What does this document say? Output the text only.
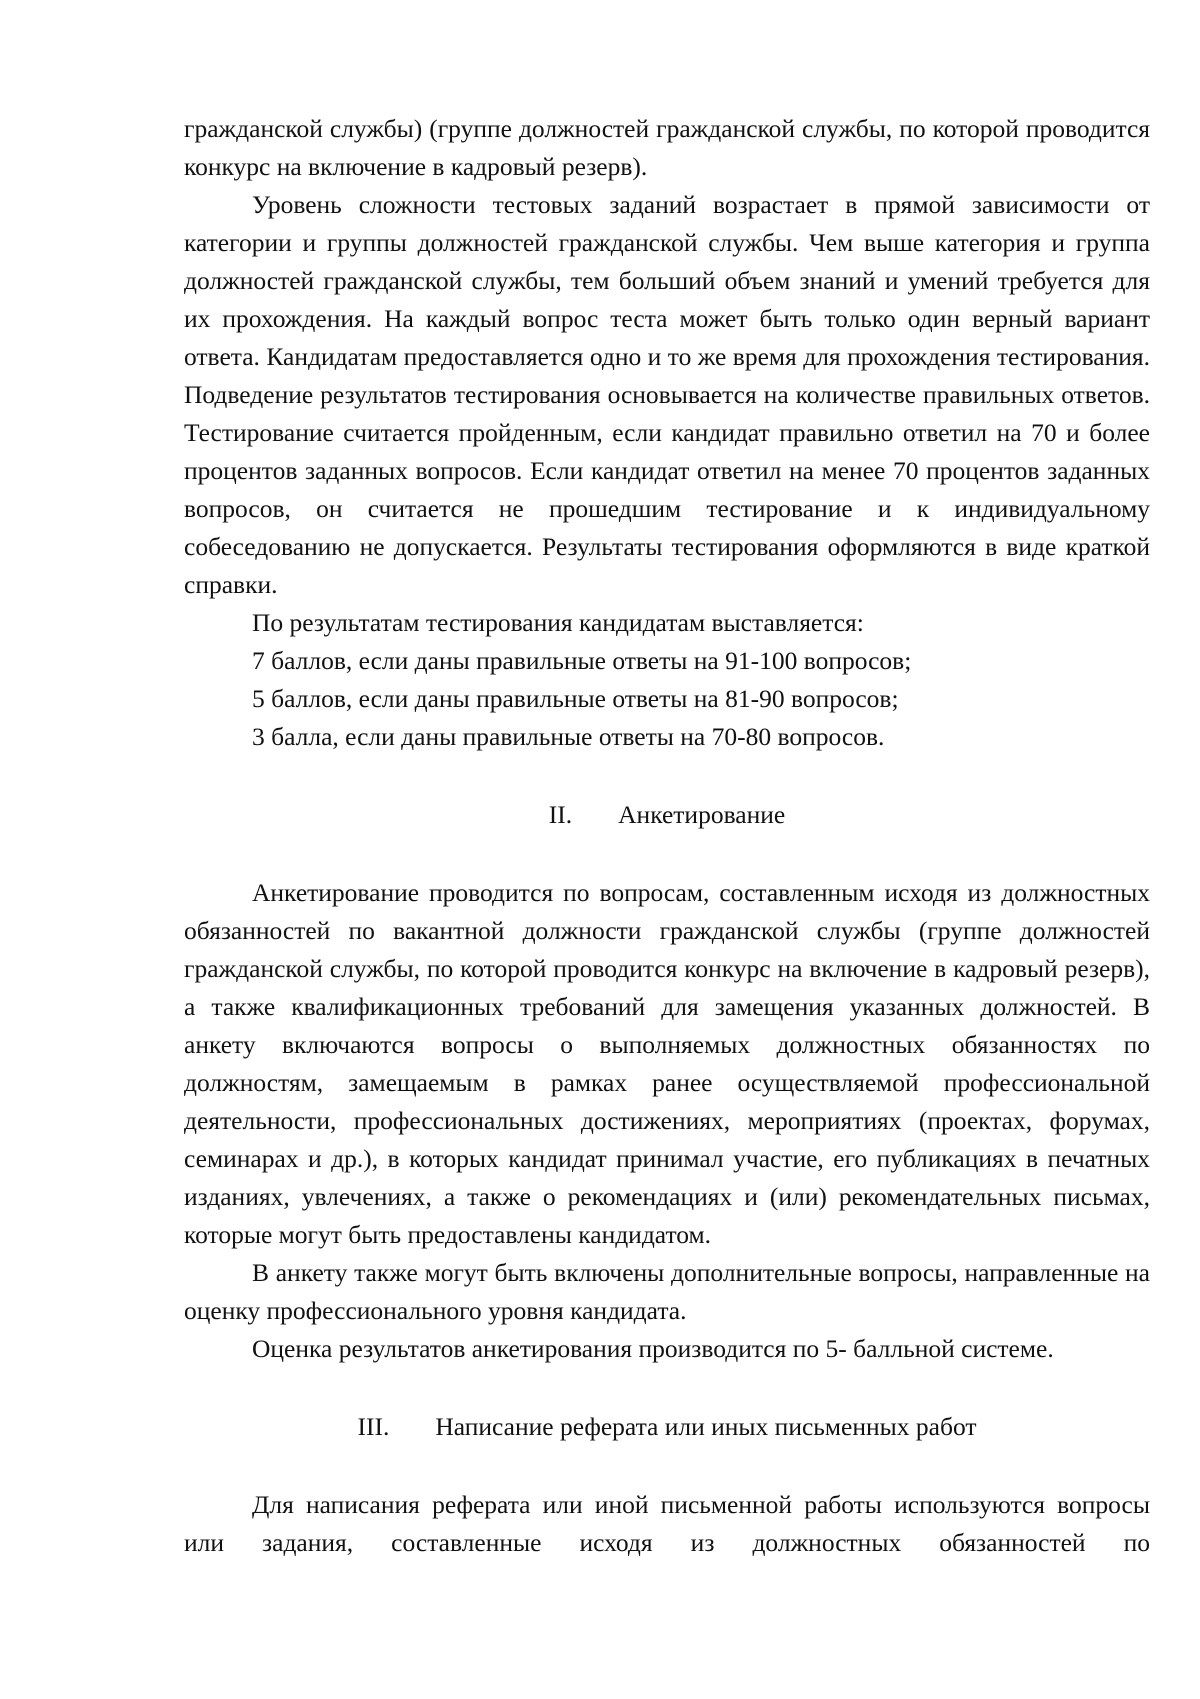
гражданской службы) (группе должностей гражданской службы, по которой проводится конкурс на включение в кадровый резерв).

Уровень сложности тестовых заданий возрастает в прямой зависимости от категории и группы должностей гражданской службы. Чем выше категория и группа должностей гражданской службы, тем больший объем знаний и умений требуется для их прохождения. На каждый вопрос теста может быть только один верный вариант ответа. Кандидатам предоставляется одно и то же время для прохождения тестирования. Подведение результатов тестирования основывается на количестве правильных ответов. Тестирование считается пройденным, если кандидат правильно ответил на 70 и более процентов заданных вопросов. Если кандидат ответил на менее 70 процентов заданных вопросов, он считается не прошедшим тестирование и к индивидуальному собеседованию не допускается. Результаты тестирования оформляются в виде краткой справки.

По результатам тестирования кандидатам выставляется:

7 баллов, если даны правильные ответы на 91-100 вопросов;

5 баллов, если даны правильные ответы на 81-90 вопросов;

3 балла, если даны правильные ответы на 70-80 вопросов.

II. Анкетирование

Анкетирование проводится по вопросам, составленным исходя из должностных обязанностей по вакантной должности гражданской службы (группе должностей гражданской службы, по которой проводится конкурс на включение в кадровый резерв), а также квалификационных требований для замещения указанных должностей. В анкету включаются вопросы о выполняемых должностных обязанностях по должностям, замещаемым в рамках ранее осуществляемой профессиональной деятельности, профессиональных достижениях, мероприятиях (проектах, форумах, семинарах и др.), в которых кандидат принимал участие, его публикациях в печатных изданиях, увлечениях, а также о рекомендациях и (или) рекомендательных письмах, которые могут быть предоставлены кандидатом.

В анкету также могут быть включены дополнительные вопросы, направленные на оценку профессионального уровня кандидата.

Оценка результатов анкетирования производится по 5- балльной системе.

III. Написание реферата или иных письменных работ

Для написания реферата или иной письменной работы используются вопросы или задания, составленные исходя из должностных обязанностей по
